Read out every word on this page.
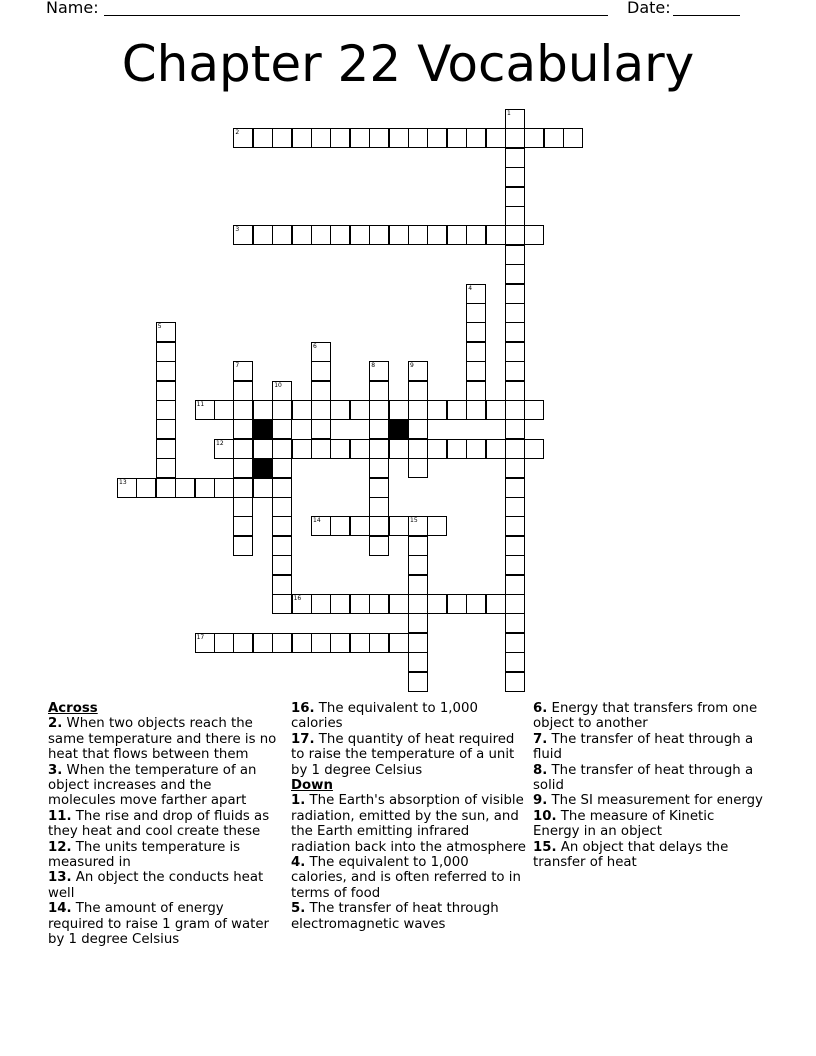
Name:	Date:
Chapter 22 Vocabulary
1
2
3
4
5
6
7	8	9
10
11
12
13
14	15
16
17
Across
2. When two objects reach the same temperature and there is no heat that flows between them
3. When the temperature of an object increases and the molecules move farther apart
11. The rise and drop of fluids as they heat and cool create these
12. The units temperature is measured in
13. An object the conducts heat well
14. The amount of energy required to raise 1 gram of water by 1 degree Celsius
16. The equivalent to 1,000 calories
17. The quantity of heat required to raise the temperature of a unit by 1 degree Celsius
Down
1. The Earth's absorption of visible radiation, emitted by the sun, and the Earth emitting infrared radiation back into the atmosphere
4. The equivalent to 1,000 calories, and is often referred to in terms of food
5. The transfer of heat through electromagnetic waves
6. Energy that transfers from one object to another
7. The transfer of heat through a fluid
8. The transfer of heat through a solid
9. The SI measurement for energy
10. The measure of Kinetic Energy in an object
15. An object that delays the transfer of heat
